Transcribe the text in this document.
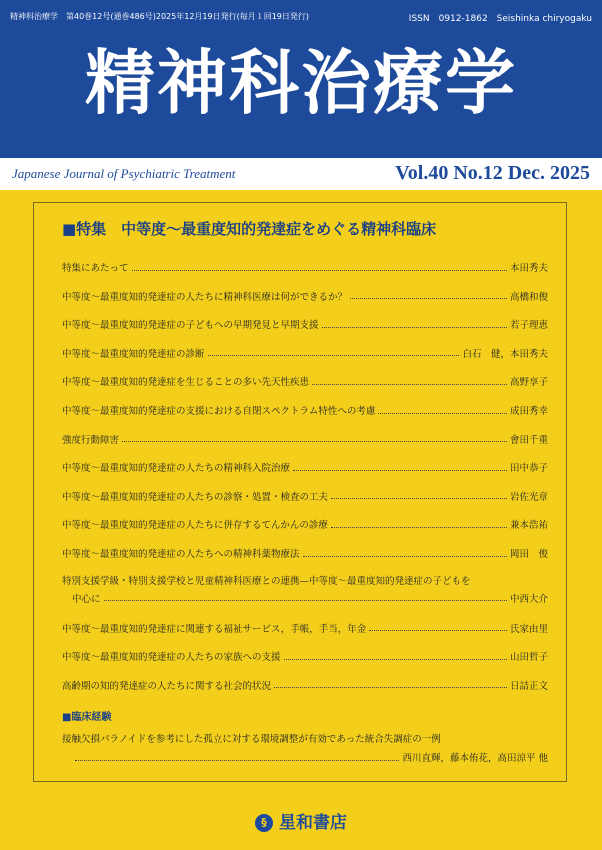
精神科治療学　第40巻12号(通巻486号)2025年12月19日発行(毎月１回19日発行)	ISSN　0912-1862　Seishinka chiryogaku
精神科治療学
Japanese Journal of Psychiatric Treatment	Vol.40 No.12 Dec. 2025
■特集　中等度〜最重度知的発達症をめぐる精神科臨床
特集にあたって	本田秀夫
中等度〜最重度知的発達症の人たちに精神科医療は何ができるか？	高橋和俊
中等度〜最重度知的発達症の子どもへの早期発見と早期支援	若子理恵
中等度〜最重度知的発達症の診断	白石　健，本田秀夫
中等度〜最重度知的発達症を生じることの多い先天性疾患	高野享子
中等度〜最重度知的発達症の支援における自閉スペクトラム特性への考慮	成田秀幸
強度行動障害	會田千重
中等度〜最重度知的発達症の人たちの精神科入院治療	田中恭子
中等度〜最重度知的発達症の人たちの診察・処置・検査の工夫	岩佐光章
中等度〜最重度知的発達症の人たちに併存するてんかんの診療	兼本浩祐
中等度〜最重度知的発達症の人たちへの精神科薬物療法	岡田　俊
特別支援学級・特別支援学校と児童精神科医療との連携—中等度〜最重度知的発達症の子どもを
中心に	中西大介
中等度〜最重度知的発達症に関連する福祉サービス，手帳，手当，年金	氏家由里
中等度〜最重度知的発達症の人たちの家族への支援	山田哲子
高齢期の知的発達症の人たちに関する社会的状況	日詰正文
■臨床経験
接触欠損パラノイドを参考にした孤立に対する環境調整が有効であった統合失調症の一例
西川直輝，藤本侑花，高田涼平 他
§ 星和書店
